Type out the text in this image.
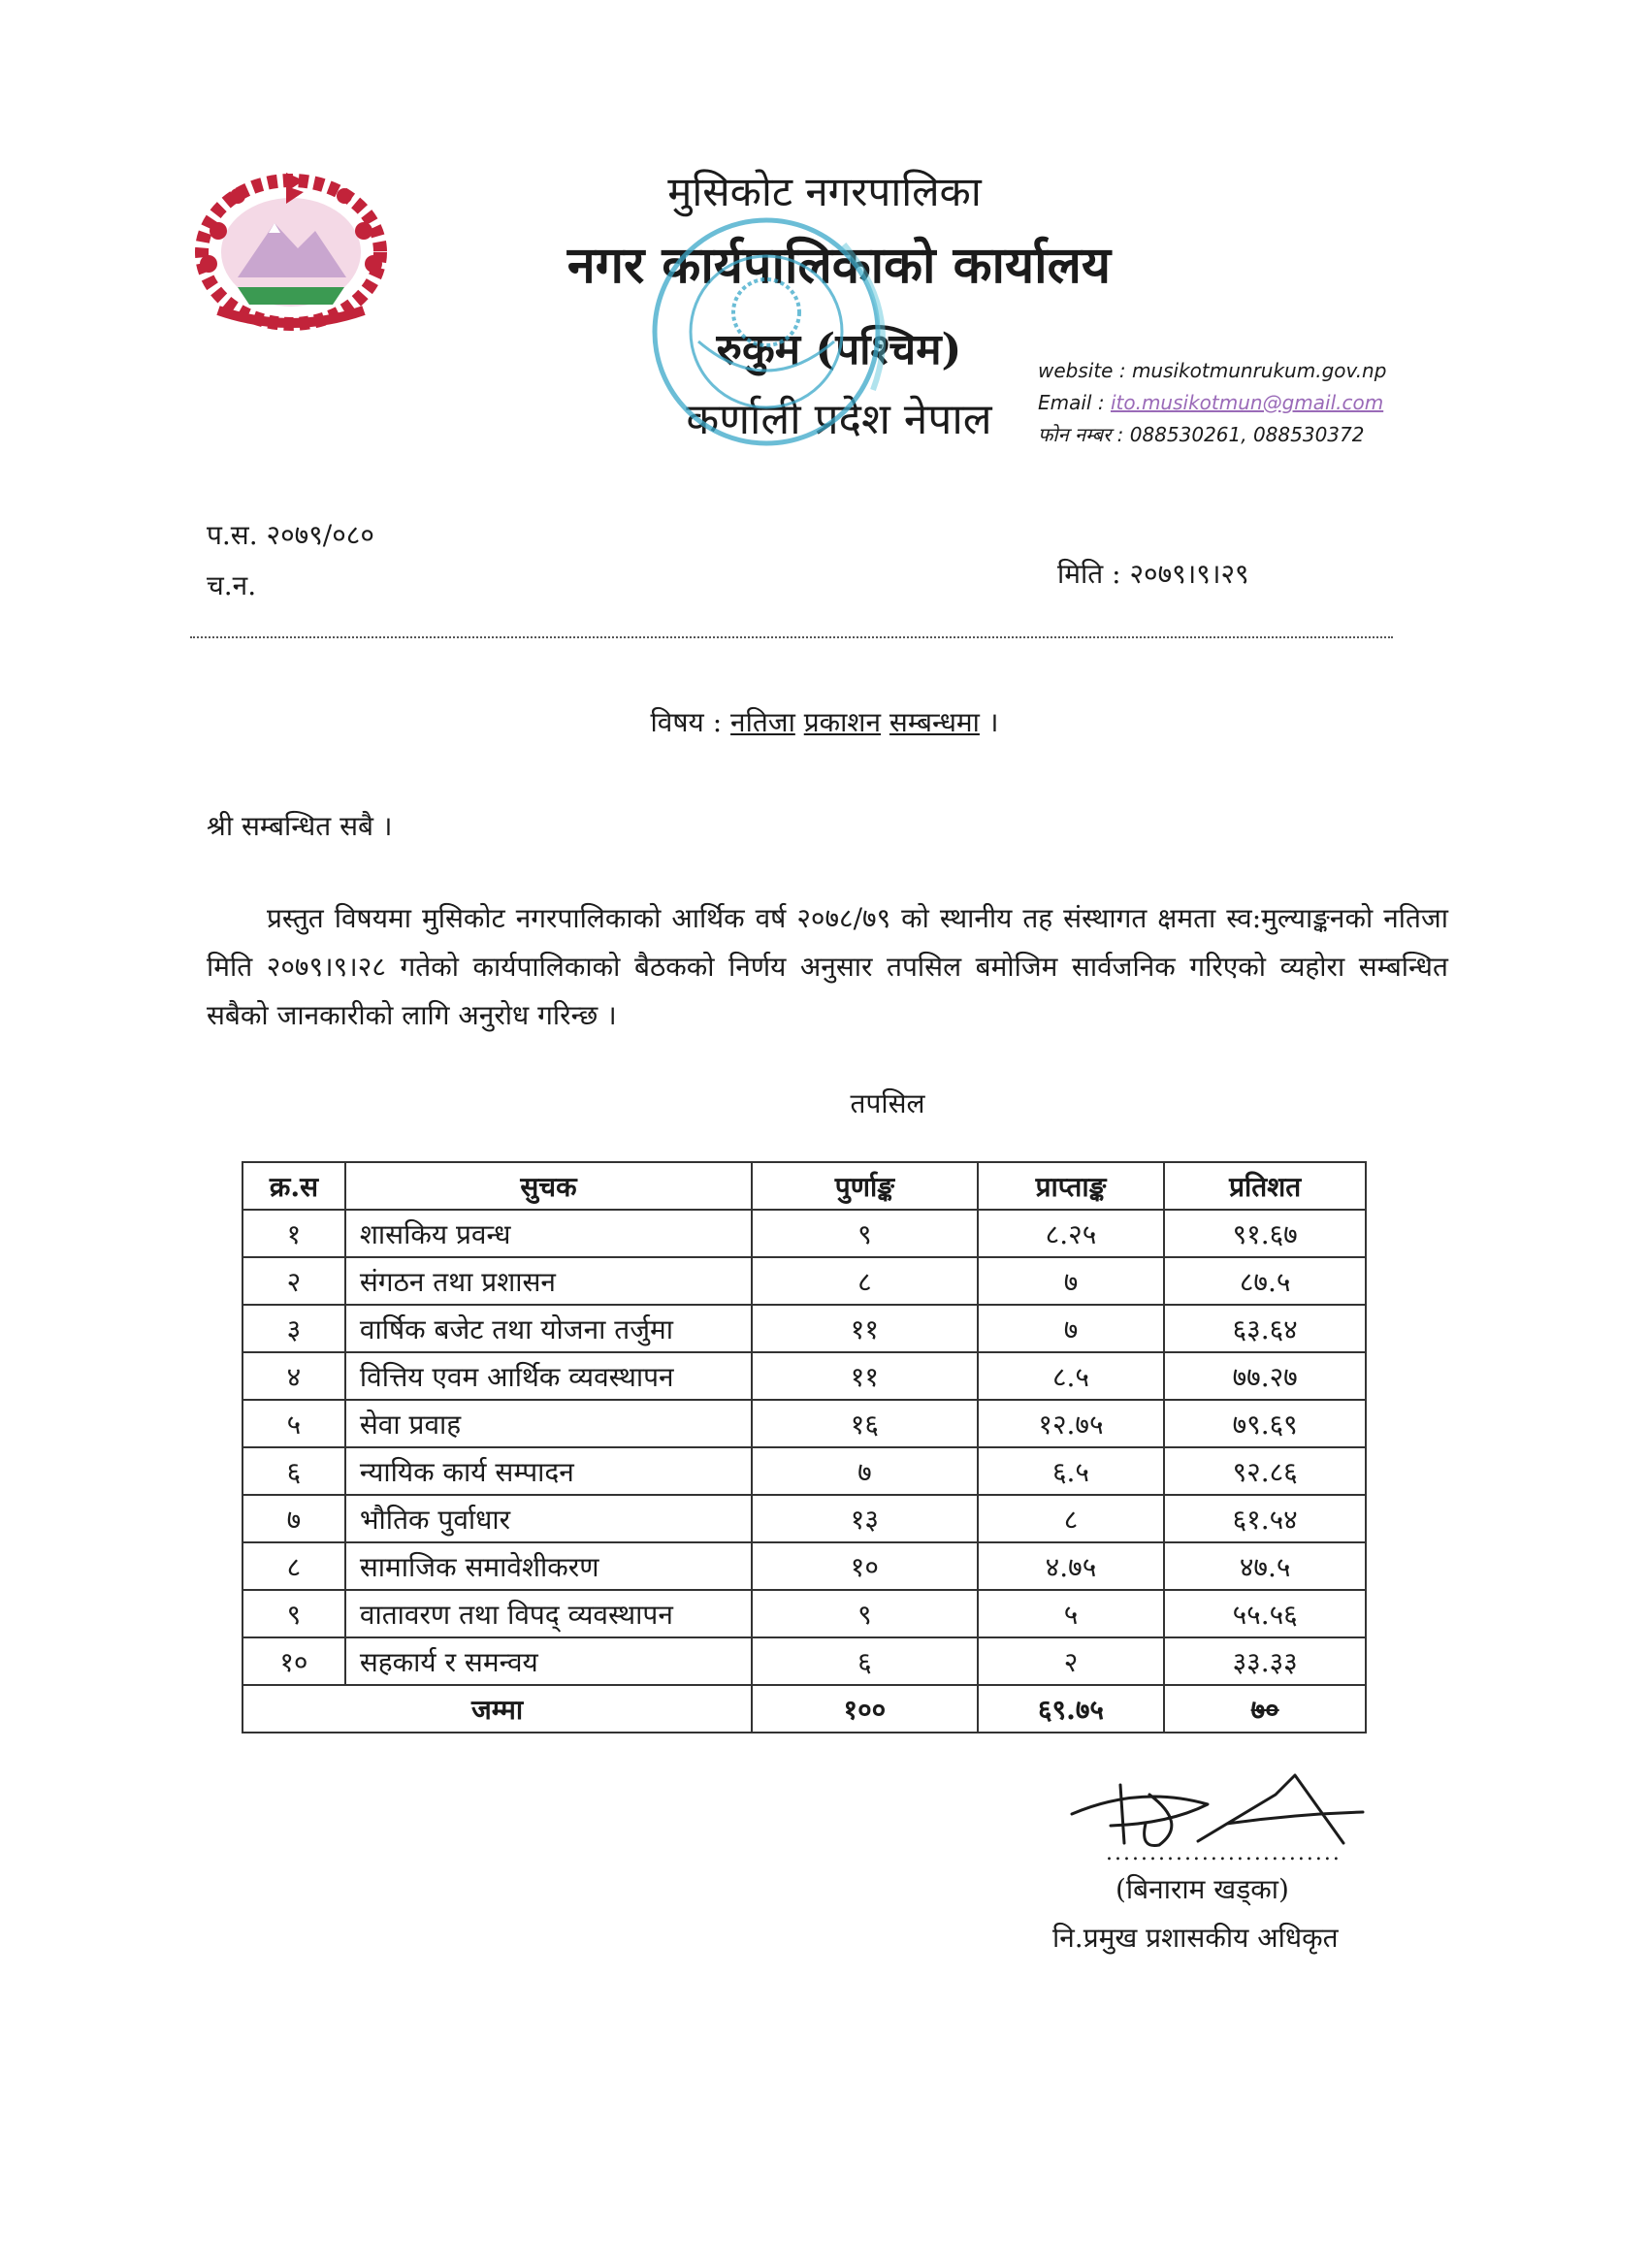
मुसिकोट नगरपालिका
नगर कार्यपालिकाको कार्यालय
रुकुम (पश्चिम)
कर्णाली प्रदेश नेपाल
website : musikotmunrukum.gov.np
Email : ito.musikotmun@gmail.com
फोन नम्बर : 088530261, 088530372
प.स. २०७९/०८०
च.न.	मिति : २०७९।९।२९
विषय : नतिजा प्रकाशन सम्बन्धमा ।
श्री सम्बन्धित सबै ।
प्रस्तुत विषयमा मुसिकोट नगरपालिकाको आर्थिक वर्ष २०७८/७९ को स्थानीय तह संस्थागत क्षमता स्व:मुल्याङ्कनको नतिजा मिति २०७९।९।२८ गतेको कार्यपालिकाको बैठकको निर्णय अनुसार तपसिल बमोजिम सार्वजनिक गरिएको व्यहोरा सम्बन्धित सबैको जानकारीको लागि अनुरोध गरिन्छ ।
तपसिल
क्र.स	सुचक	पुर्णाङ्क	प्राप्ताङ्क	प्रतिशत
१	शासकिय प्रवन्ध	९	८.२५	९१.६७
२	संगठन तथा प्रशासन	८	७	८७.५
३	वार्षिक बजेट तथा योजना तर्जुमा	११	७	६३.६४
४	वित्तिय एवम आर्थिक व्यवस्थापन	११	८.५	७७.२७
५	सेवा प्रवाह	१६	१२.७५	७९.६९
६	न्यायिक कार्य सम्पादन	७	६.५	९२.८६
७	भौतिक पुर्वाधार	१३	८	६१.५४
८	सामाजिक समावेशीकरण	१०	४.७५	४७.५
९	वातावरण तथा विपद् व्यवस्थापन	९	५	५५.५६
१०	सहकार्य र समन्वय	६	२	३३.३३
जम्मा		१००	६९.७५	७०
...........................
(बिनाराम खड्का)
नि.प्रमुख प्रशासकीय अधिकृत
